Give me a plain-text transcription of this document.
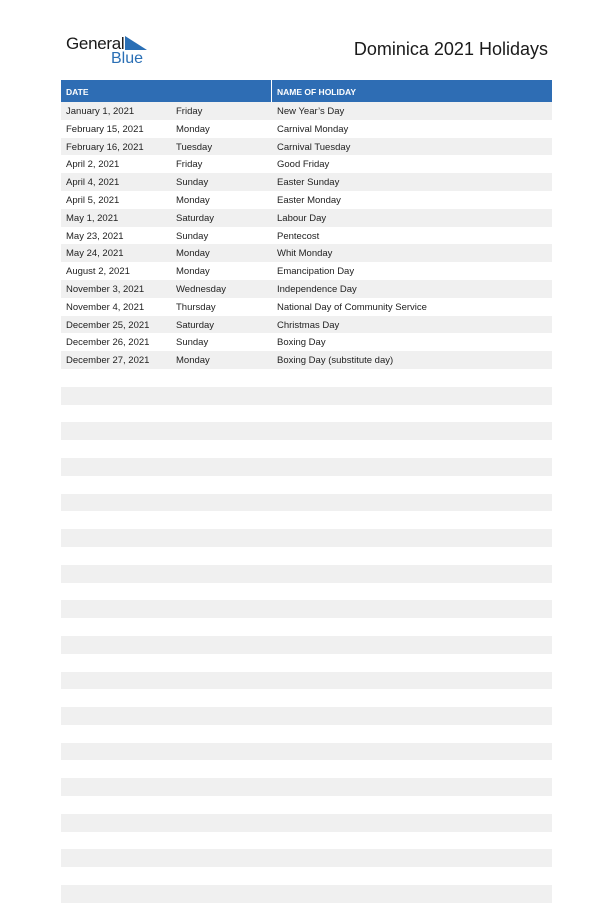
General
Blue	Dominica 2021 Holidays
DATE	NAME OF HOLIDAY
January 1, 2021	Friday	New Year’s Day
February 15, 2021	Monday	Carnival Monday
February 16, 2021	Tuesday	Carnival Tuesday
April 2, 2021	Friday	Good Friday
April 4, 2021	Sunday	Easter Sunday
April 5, 2021	Monday	Easter Monday
May 1, 2021	Saturday	Labour Day
May 23, 2021	Sunday	Pentecost
May 24, 2021	Monday	Whit Monday
August 2, 2021	Monday	Emancipation Day
November 3, 2021	Wednesday	Independence Day
November 4, 2021	Thursday	National Day of Community Service
December 25, 2021	Saturday	Christmas Day
December 26, 2021	Sunday	Boxing Day
December 27, 2021	Monday	Boxing Day (substitute day)
